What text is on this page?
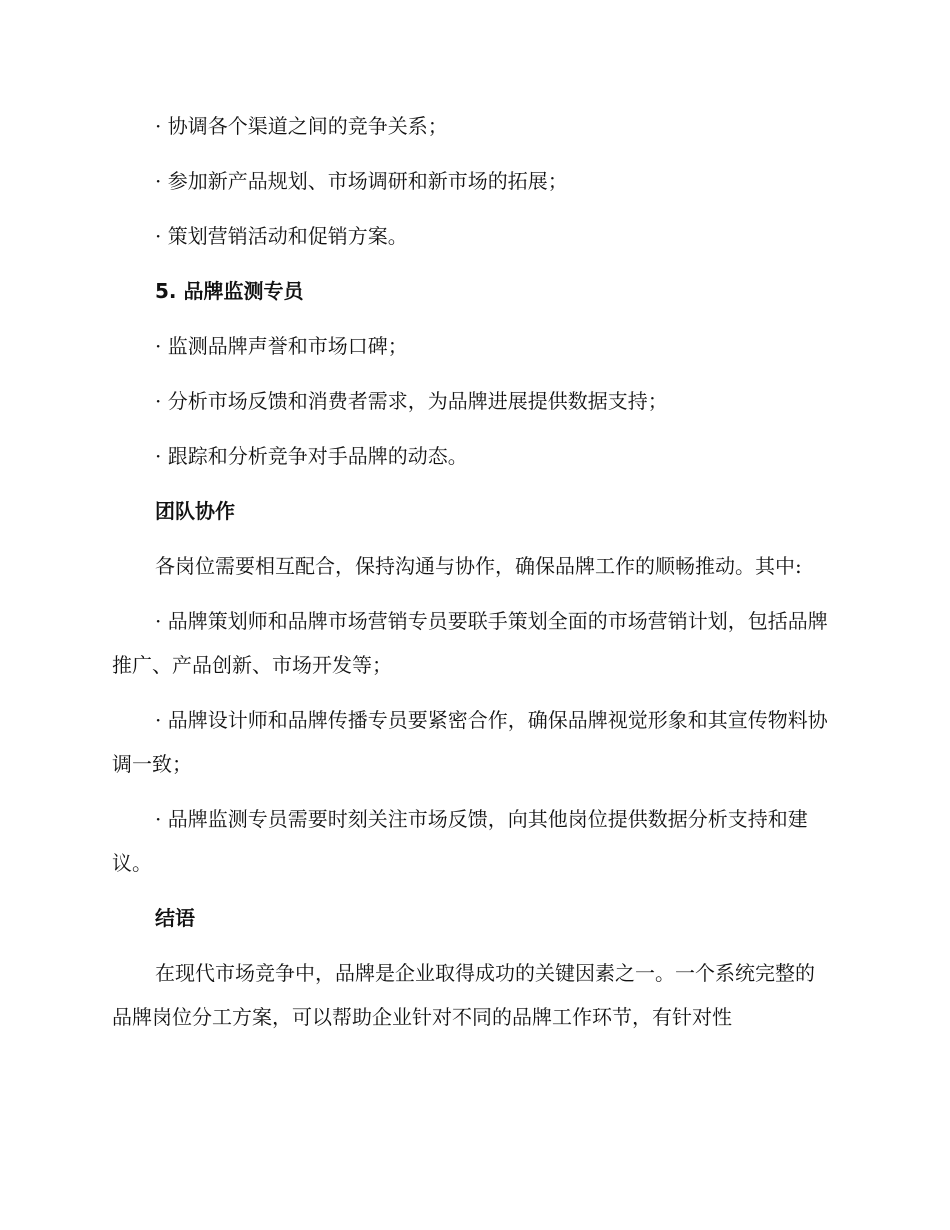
· 协调各个渠道之间的竞争关系；

· 参加新产品规划、市场调研和新市场的拓展；

· 策划营销活动和促销方案。

5. 品牌监测专员

· 监测品牌声誉和市场口碑；

· 分析市场反馈和消费者需求，为品牌进展提供数据支持；

· 跟踪和分析竞争对手品牌的动态。

团队协作

各岗位需要相互配合，保持沟通与协作，确保品牌工作的顺畅推动。其中:

· 品牌策划师和品牌市场营销专员要联手策划全面的市场营销计划，包括品牌推广、产品创新、市场开发等；

· 品牌设计师和品牌传播专员要紧密合作，确保品牌视觉形象和其宣传物料协调一致；

· 品牌监测专员需要时刻关注市场反馈，向其他岗位提供数据分析支持和建议。

结语

在现代市场竞争中，品牌是企业取得成功的关键因素之一。一个系统完整的品牌岗位分工方案，可以帮助企业针对不同的品牌工作环节，有针对性
